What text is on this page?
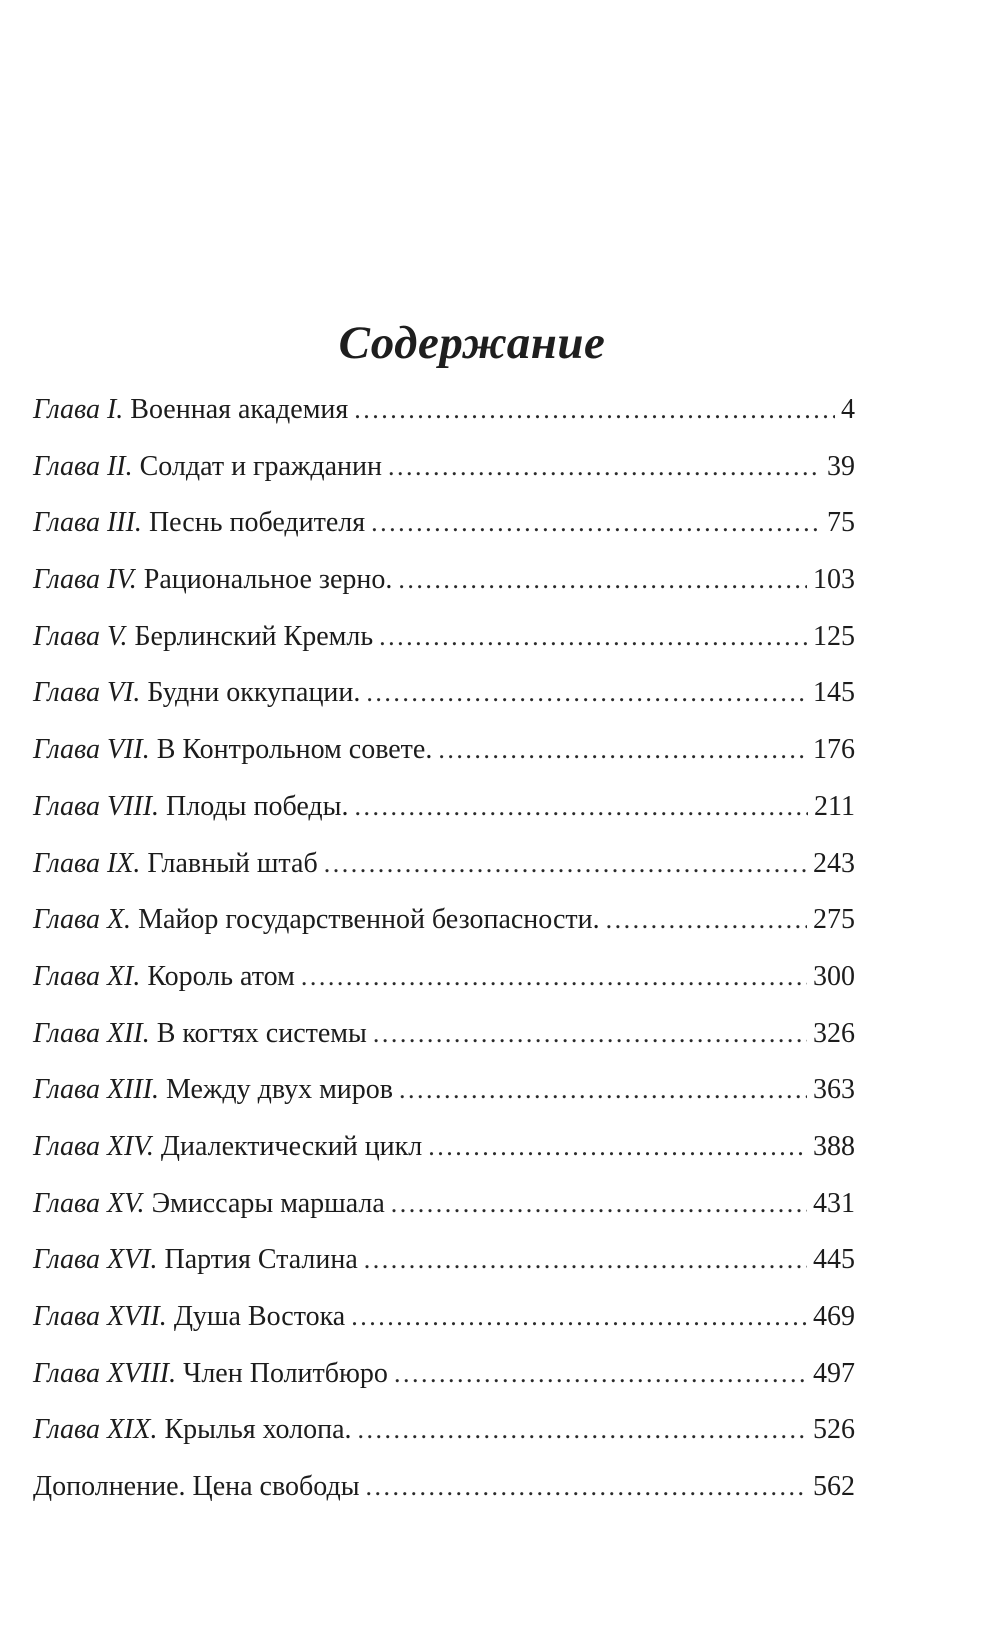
Содержание
Глава I. Военная академия . . .	4
Глава II. Солдат и гражданин . . .	39
Глава III. Песнь победителя . . .	75
Глава IV. Рациональное зерно. . . .	103
Глава V. Берлинский Кремль . . .	125
Глава VI. Будни оккупации. . . .	145
Глава VII. В Контрольном совете. . . .	176
Глава VIII. Плоды победы. . . .	211
Глава IX. Главный штаб . . .	243
Глава X. Майор государственной безопасности. . . .	275
Глава XI. Король атом . . .	300
Глава XII. В когтях системы . . .	326
Глава XIII. Между двух миров . . .	363
Глава XIV. Диалектический цикл . . .	388
Глава XV. Эмиссары маршала . . .	431
Глава XVI. Партия Сталина . . .	445
Глава XVII. Душа Востока . . .	469
Глава XVIII. Член Политбюро . . .	497
Глава XIX. Крылья холопа. . . .	526
Дополнение. Цена свободы . . .	562
